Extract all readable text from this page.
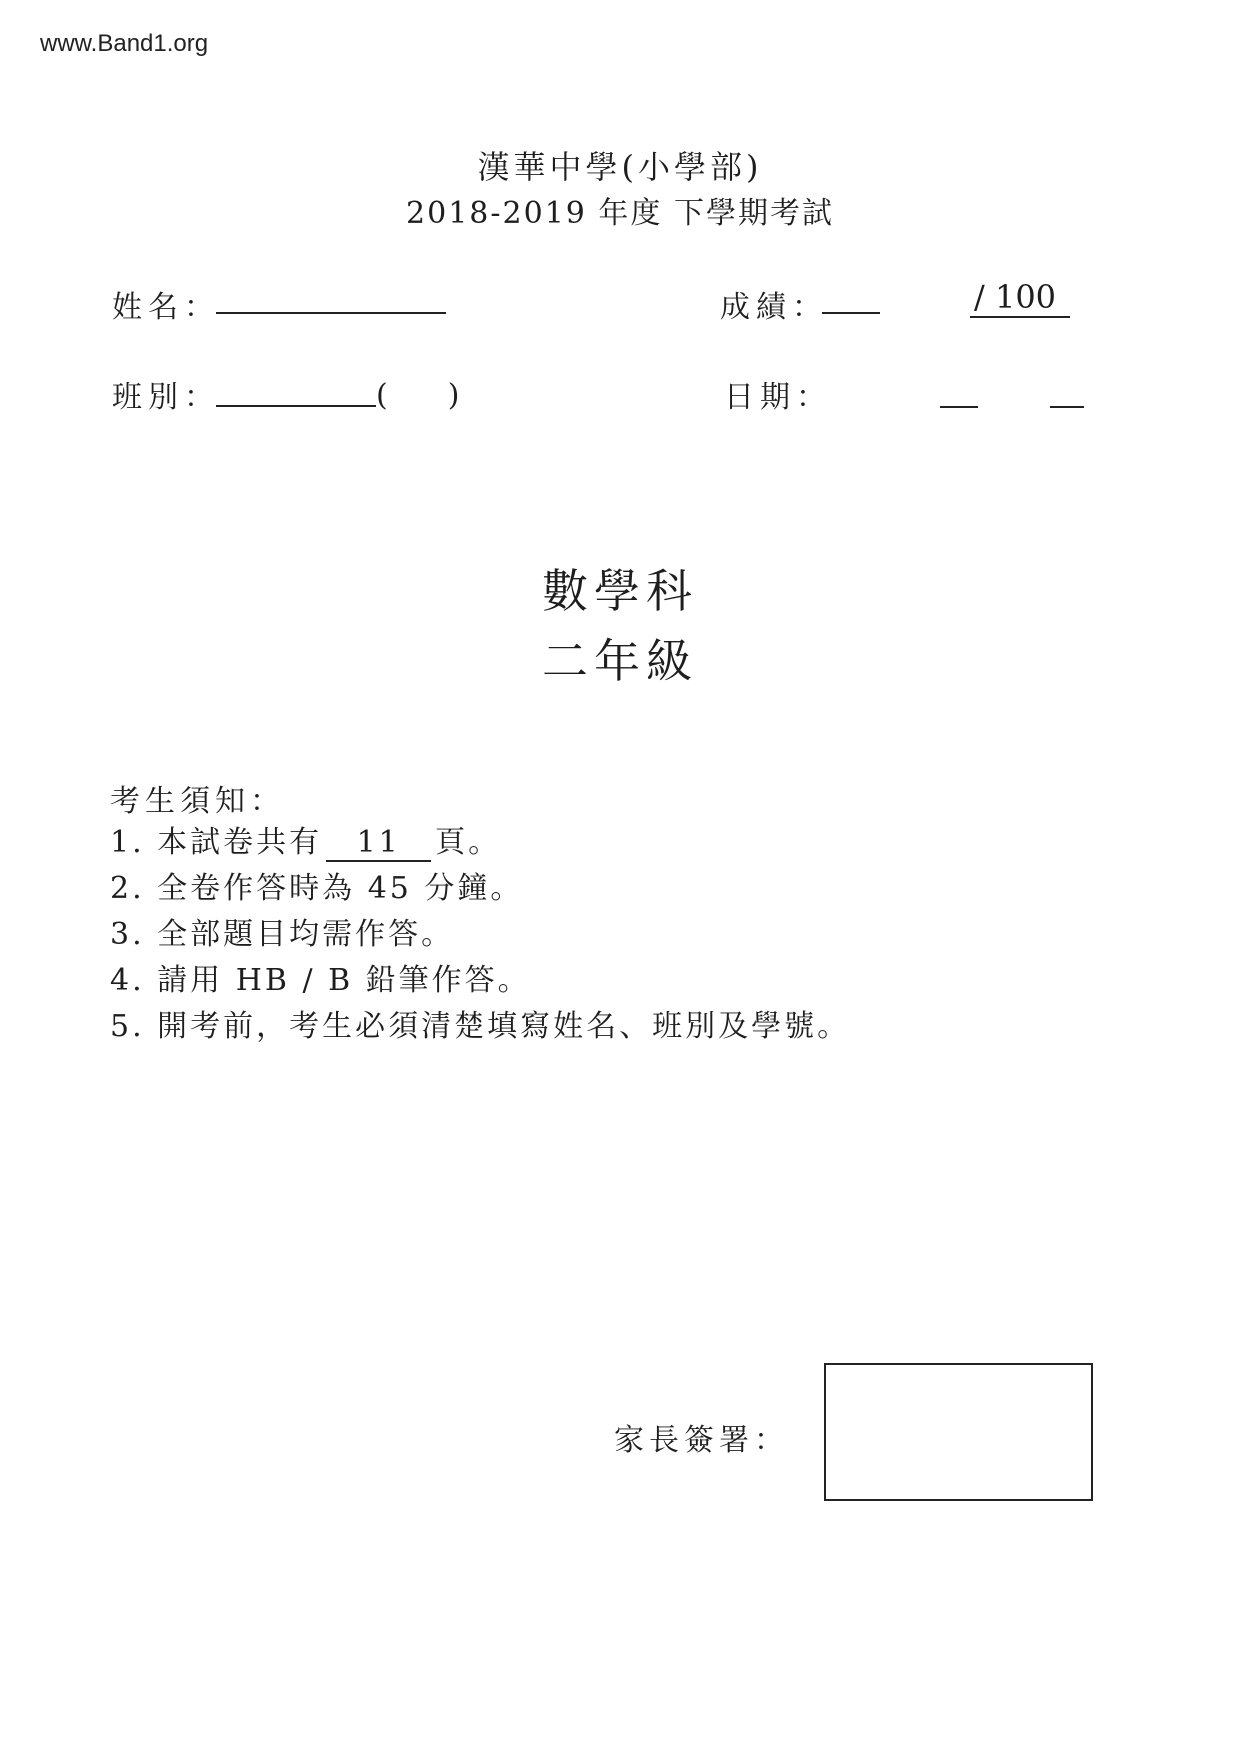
www.Band1.org
漢華中學(小學部)
2018-2019 年度 下學期考試
姓名：	成績：	/ 100
班別：	(　　)	日期：
數學科
二年級
考生須知：
1. 本試卷共有 11 頁。
2. 全卷作答時為 45 分鐘。
3. 全部題目均需作答。
4. 請用 HB / B 鉛筆作答。
5. 開考前，考生必須清楚填寫姓名、班別及學號。
家長簽署：
